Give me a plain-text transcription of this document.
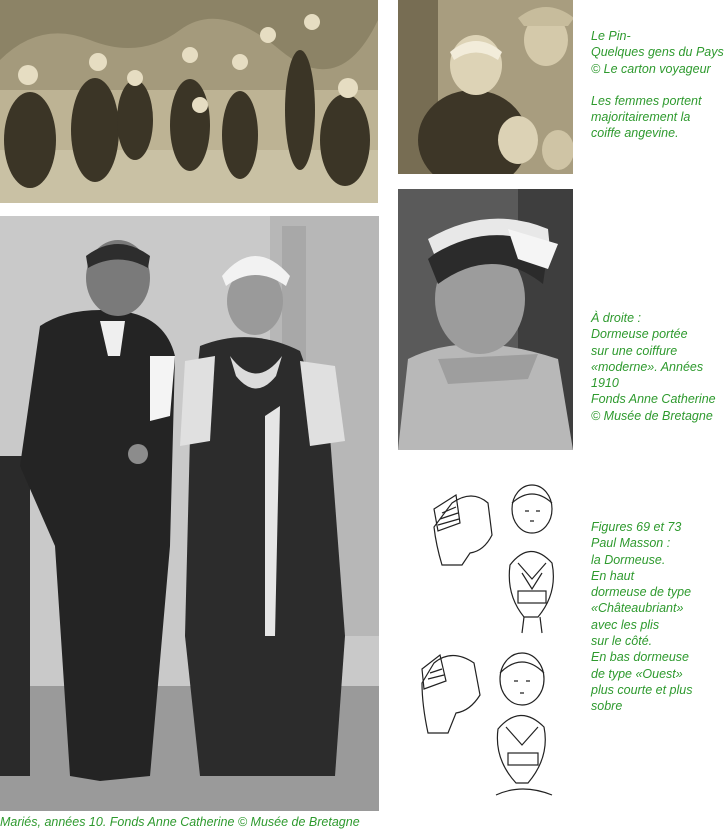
Le Pin-
Quelques gens du Pays
© Le carton voyageur
Les femmes portent
majoritairement la
coiffe angevine.
À droite :
Dormeuse portée
sur une coiffure
«moderne». Années
1910
Fonds Anne Catherine
© Musée de Bretagne
Figures 69 et 73
Paul Masson :
la Dormeuse.
En haut
dormeuse de type
«Châteaubriant»
avec les plis
sur le côté.
En bas dormeuse
de type «Ouest»
plus courte et plus
sobre
Mariés, années 10. Fonds Anne Catherine © Musée de Bretagne
